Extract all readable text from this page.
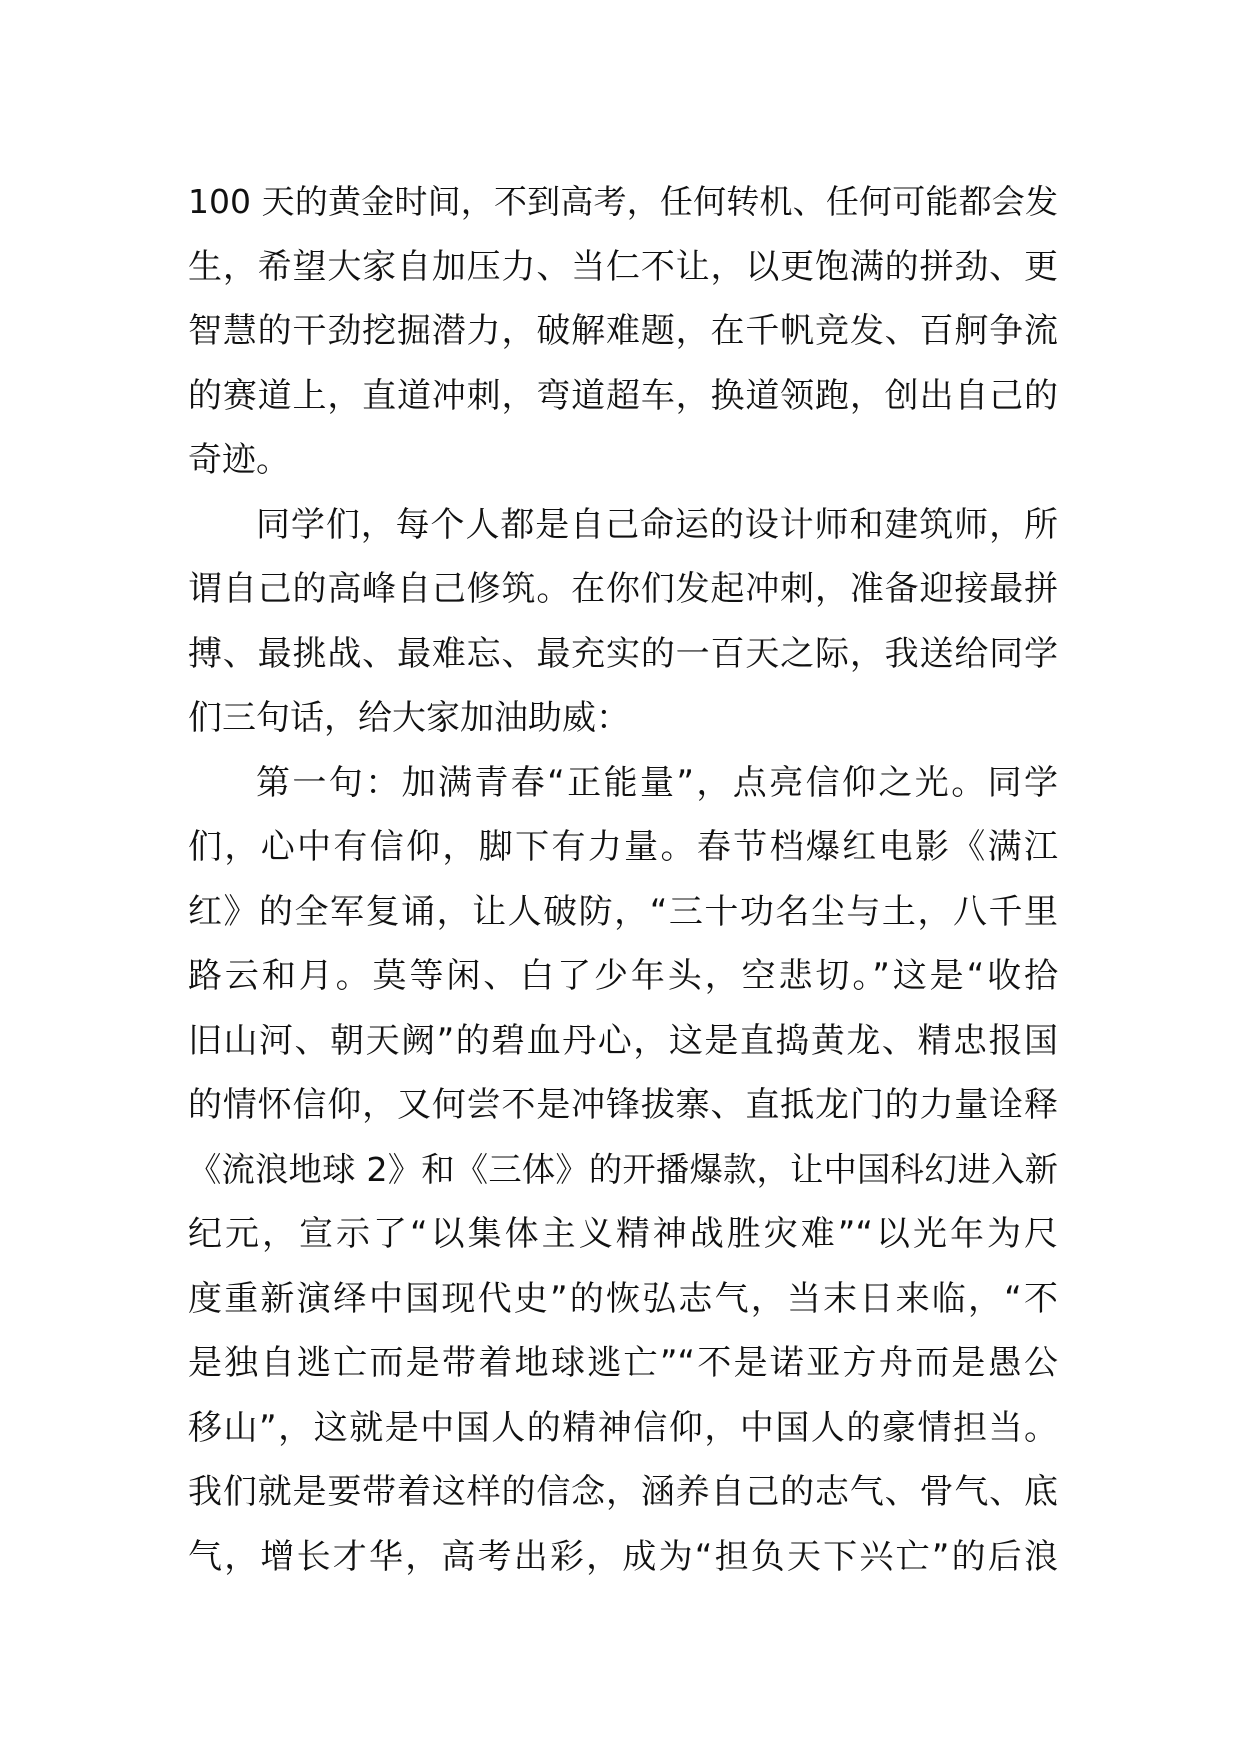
100 天的黄金时间，不到高考，任何转机、任何可能都会发
生，希望大家自加压力、当仁不让，以更饱满的拼劲、更
智慧的干劲挖掘潜力，破解难题，在千帆竞发、百舸争流
的赛道上，直道冲刺，弯道超车，换道领跑，创出自己的
奇迹。
同学们，每个人都是自己命运的设计师和建筑师，所
谓自己的高峰自己修筑。在你们发起冲刺，准备迎接最拼
搏、最挑战、最难忘、最充实的一百天之际，我送给同学
们三句话，给大家加油助威：
第一句：加满青春“正能量”，点亮信仰之光。同学
们，心中有信仰，脚下有力量。春节档爆红电影《满江
红》的全军复诵，让人破防，“三十功名尘与土，八千里
路云和月。莫等闲、白了少年头，空悲切。”这是“收拾
旧山河、朝天阙”的碧血丹心，这是直捣黄龙、精忠报国
的情怀信仰，又何尝不是冲锋拔寨、直抵龙门的力量诠释
《流浪地球 2》和《三体》的开播爆款，让中国科幻进入新
纪元，宣示了“以集体主义精神战胜灾难”“以光年为尺
度重新演绎中国现代史”的恢弘志气，当末日来临，“不
是独自逃亡而是带着地球逃亡”“不是诺亚方舟而是愚公
移山”，这就是中国人的精神信仰，中国人的豪情担当。
我们就是要带着这样的信念，涵养自己的志气、骨气、底
气，增长才华，高考出彩，成为“担负天下兴亡”的后浪
